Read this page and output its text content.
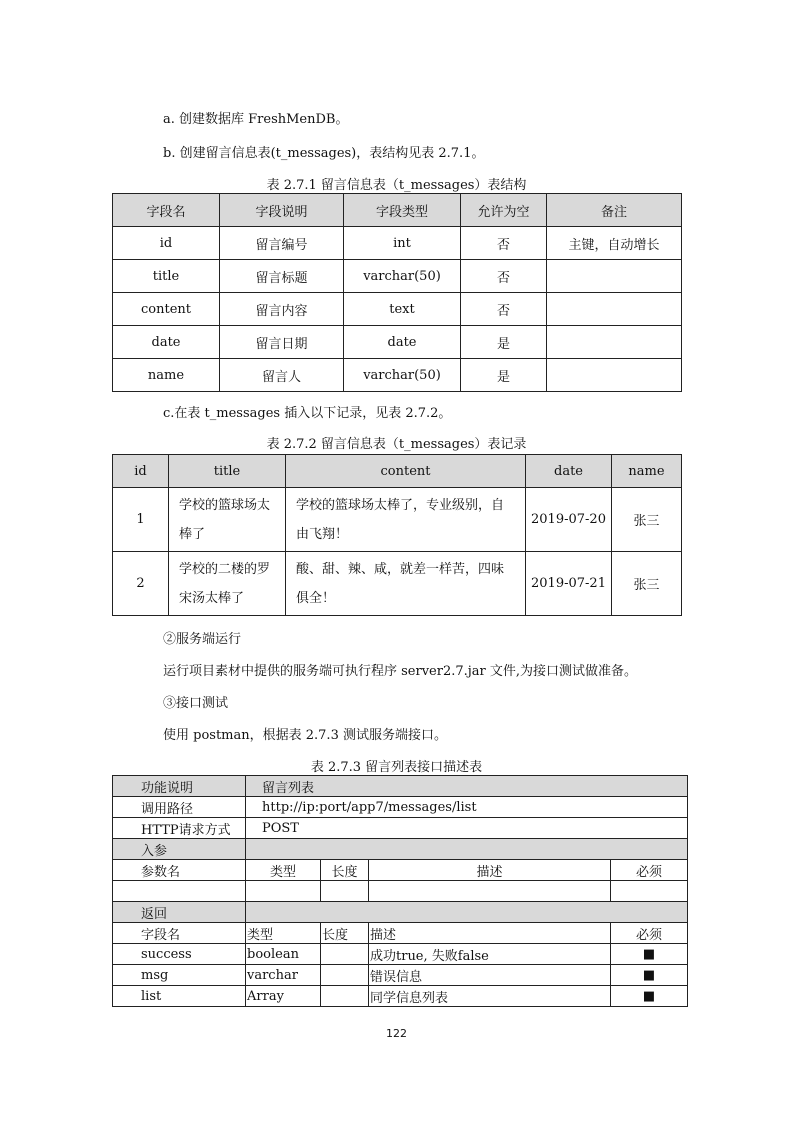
a. 创建数据库 FreshMenDB。
b. 创建留言信息表(t_messages)，表结构见表 2.7.1。
表 2.7.1 留言信息表（t_messages）表结构
字段名	字段说明	字段类型	允许为空	备注
id	留言编号	int	否	主键，自动增长
title	留言标题	varchar(50)	否	
content	留言内容	text	否	
date	留言日期	date	是	
name	留言人	varchar(50)	是	
c.在表 t_messages 插入以下记录，见表 2.7.2。
表 2.7.2 留言信息表（t_messages）表记录
id	title	content	date	name
1	学校的篮球场太棒了	学校的篮球场太棒了，专业级别，自由飞翔！	2019-07-20	张三
2	学校的二楼的罗宋汤太棒了	酸、甜、辣、咸，就差一样苦，四味俱全！	2019-07-21	张三
②服务端运行
运行项目素材中提供的服务端可执行程序 server2.7.jar 文件,为接口测试做准备。
③接口测试
使用 postman，根据表 2.7.3 测试服务端接口。
表 2.7.3 留言列表接口描述表
功能说明	留言列表			
调用路径	http://ip:port/app7/messages/list			
HTTP请求方式	POST			
入参				
参数名	类型	长度	描述	必须

返回				
字段名	类型	长度	描述	必须
success	boolean		成功true, 失败false	■
msg	varchar		错误信息	■
list	Array		同学信息列表	■
122
